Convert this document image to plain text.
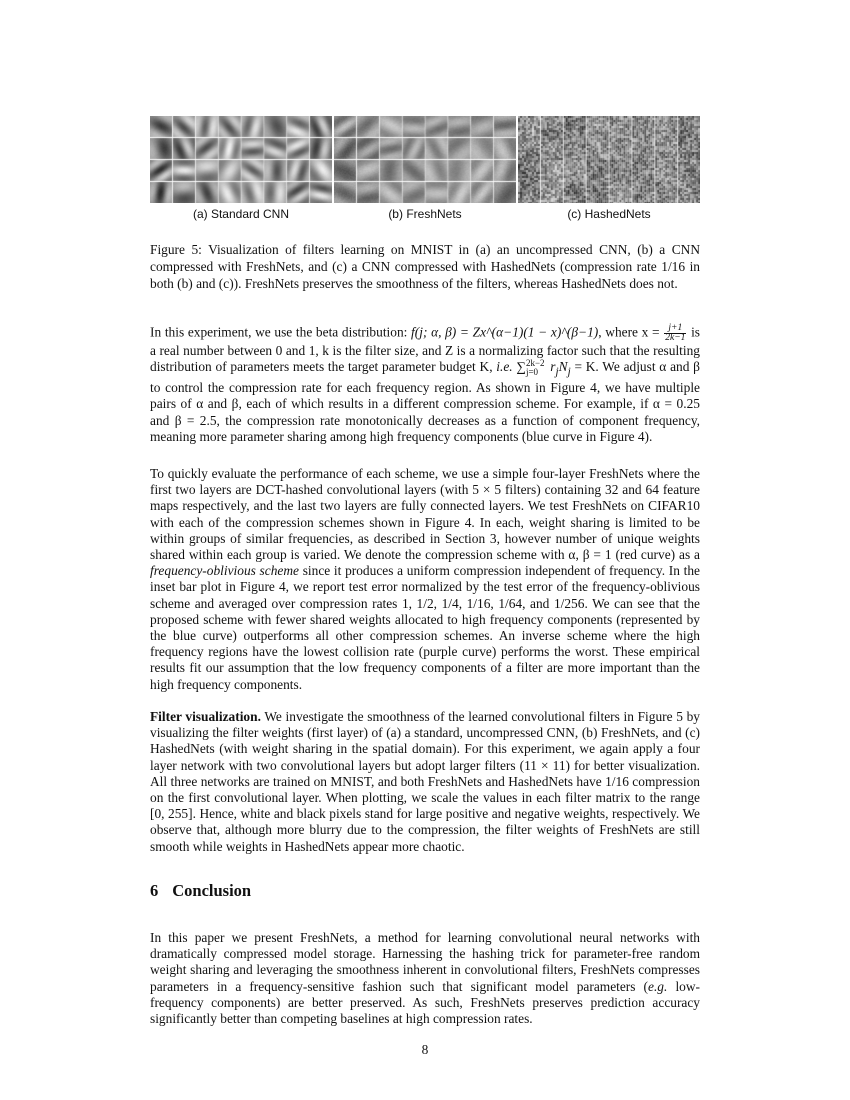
(a) Standard CNN	(b) FreshNets	(c) HashedNets
Figure 5: Visualization of filters learning on MNIST in (a) an uncompressed CNN, (b) a CNN compressed with FreshNets, and (c) a CNN compressed with HashedNets (compression rate 1/16 in both (b) and (c)). FreshNets preserves the smoothness of the filters, whereas HashedNets does not.

In this experiment, we use the beta distribution: f(j; α, β) = Zx^(α−1)(1 − x)^(β−1), where $x = \frac{j+1}{2k-1}$ is a real number between 0 and 1, k is the filter size, and Z is a normalizing factor such that the resulting distribution of parameters meets the target parameter budget K, i.e. ∑2k−2
j=0 $r_jN_j = K$. We adjust α and β to control the compression rate for each frequency region. As shown in Figure 4, we have multiple pairs of α and β, each of which results in a different compression scheme. For example, if α = 0.25 and β = 2.5, the compression rate monotonically decreases as a function of component frequency, meaning more parameter sharing among high frequency components (blue curve in Figure 4).

To quickly evaluate the performance of each scheme, we use a simple four-layer FreshNets where the first two layers are DCT-hashed convolutional layers (with 5 × 5 filters) containing 32 and 64 feature maps respectively, and the last two layers are fully connected layers. We test FreshNets on CIFAR10 with each of the compression schemes shown in Figure 4. In each, weight sharing is limited to be within groups of similar frequencies, as described in Section 3, however number of unique weights shared within each group is varied. We denote the compression scheme with α, β = 1 (red curve) as a frequency-oblivious scheme since it produces a uniform compression independent of frequency. In the inset bar plot in Figure 4, we report test error normalized by the test error of the frequency-oblivious scheme and averaged over compression rates 1, 1/2, 1/4, 1/16, 1/64, and 1/256. We can see that the proposed scheme with fewer shared weights allocated to high frequency components (represented by the blue curve) outperforms all other compression schemes. An inverse scheme where the high frequency regions have the lowest collision rate (purple curve) performs the worst. These empirical results fit our assumption that the low frequency components of a filter are more important than the high frequency components.

Filter visualization. We investigate the smoothness of the learned convolutional filters in Figure 5 by visualizing the filter weights (first layer) of (a) a standard, uncompressed CNN, (b) FreshNets, and (c) HashedNets (with weight sharing in the spatial domain). For this experiment, we again apply a four layer network with two convolutional layers but adopt larger filters (11 × 11) for better visualization. All three networks are trained on MNIST, and both FreshNets and HashedNets have 1/16 compression on the first convolutional layer. When plotting, we scale the values in each filter matrix to the range [0, 255]. Hence, white and black pixels stand for large positive and negative weights, respectively. We observe that, although more blurry due to the compression, the filter weights of FreshNets are still smooth while weights in HashedNets appear more chaotic.

6 Conclusion

In this paper we present FreshNets, a method for learning convolutional neural networks with dramatically compressed model storage. Harnessing the hashing trick for parameter-free random weight sharing and leveraging the smoothness inherent in convolutional filters, FreshNets compresses parameters in a frequency-sensitive fashion such that significant model parameters (e.g. low-frequency components) are better preserved. As such, FreshNets preserves prediction accuracy significantly better than competing baselines at high compression rates.

8
